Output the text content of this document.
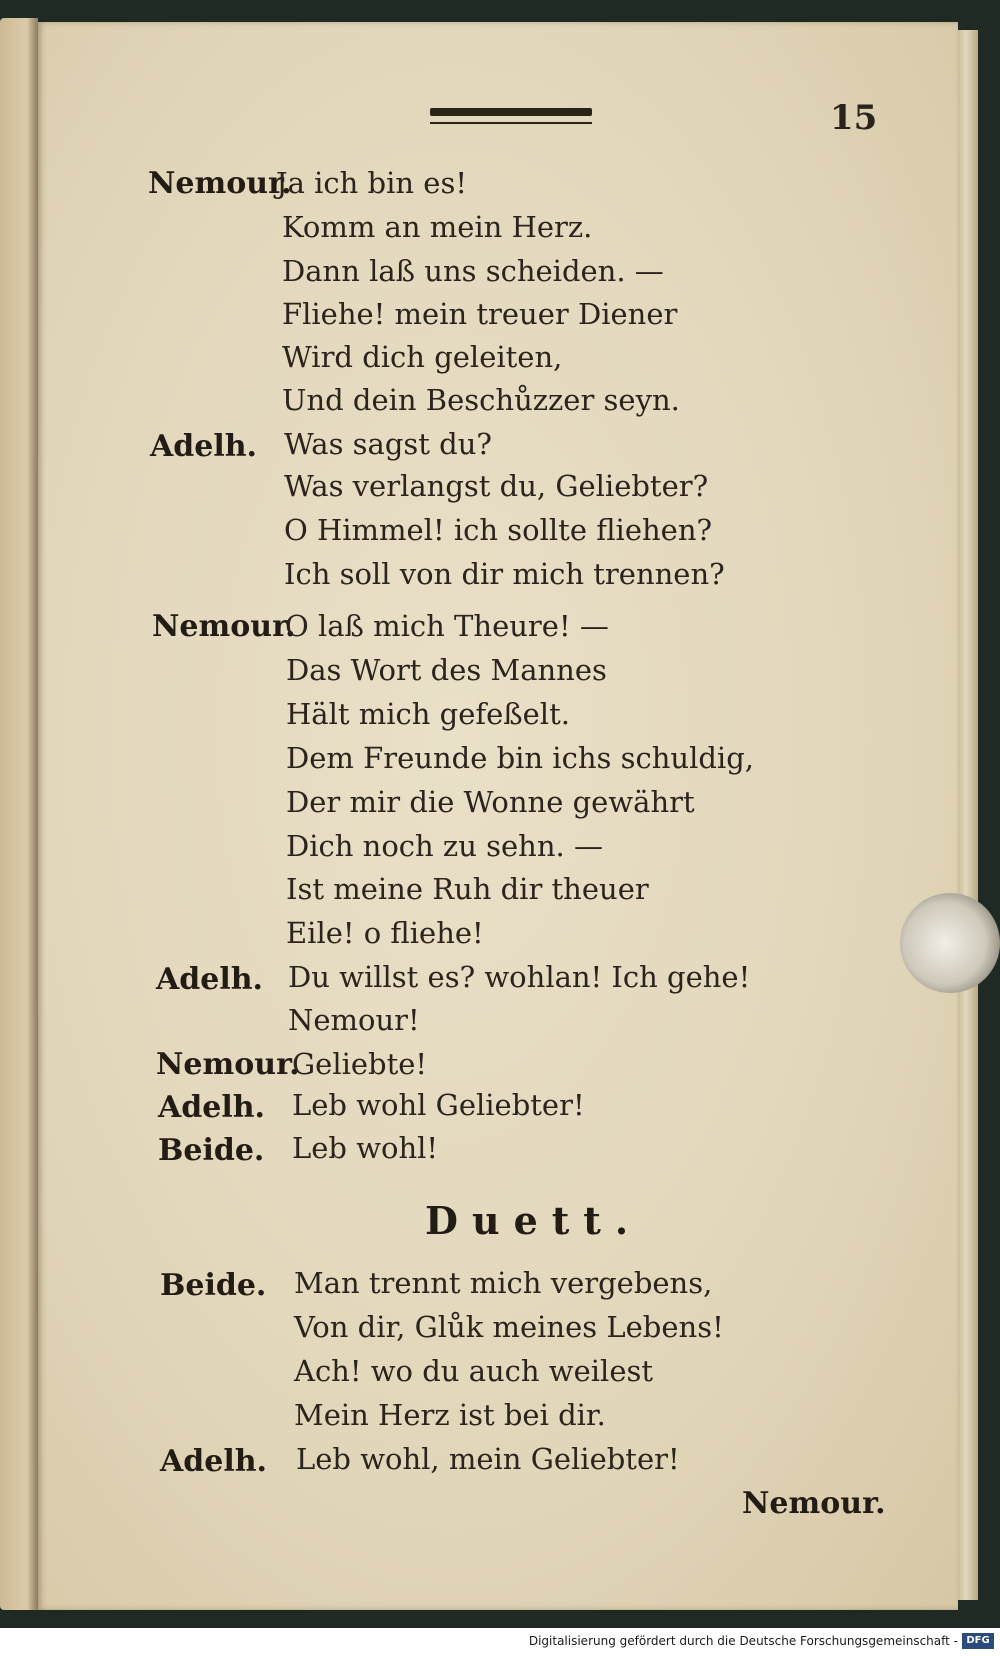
15
Nemour.
Ja ich bin es!
Komm an mein Herz.
Dann laß uns scheiden. —
Fliehe! mein treuer Diener
Wird dich geleiten,
Und dein Beschůzzer seyn.
Adelh. Was sagst du?
Was verlangst du, Geliebter?
O Himmel! ich sollte fliehen?
Ich soll von dir mich trennen?
Nemour.
O laß mich Theure! —
Das Wort des Mannes
Hält mich gefeßelt.
Dem Freunde bin ichs schuldig,
Der mir die Wonne gewährt
Dich noch zu sehn. —
Ist meine Ruh dir theuer
Eile! o fliehe!
Adelh. Du willst es? wohlan! Ich gehe!
Nemour!
Nemour.
Geliebte!
Adelh. Leb wohl Geliebter!
Beide. Leb wohl!
Duett.
Beide. Man trennt mich vergebens,
Von dir, Glůk meines Lebens!
Ach! wo du auch weilest
Mein Herz ist bei dir.
Adelh. Leb wohl, mein Geliebter!
Nemour.
Digitalisierung gefördert durch die Deutsche Forschungsgemeinschaft - DFG
